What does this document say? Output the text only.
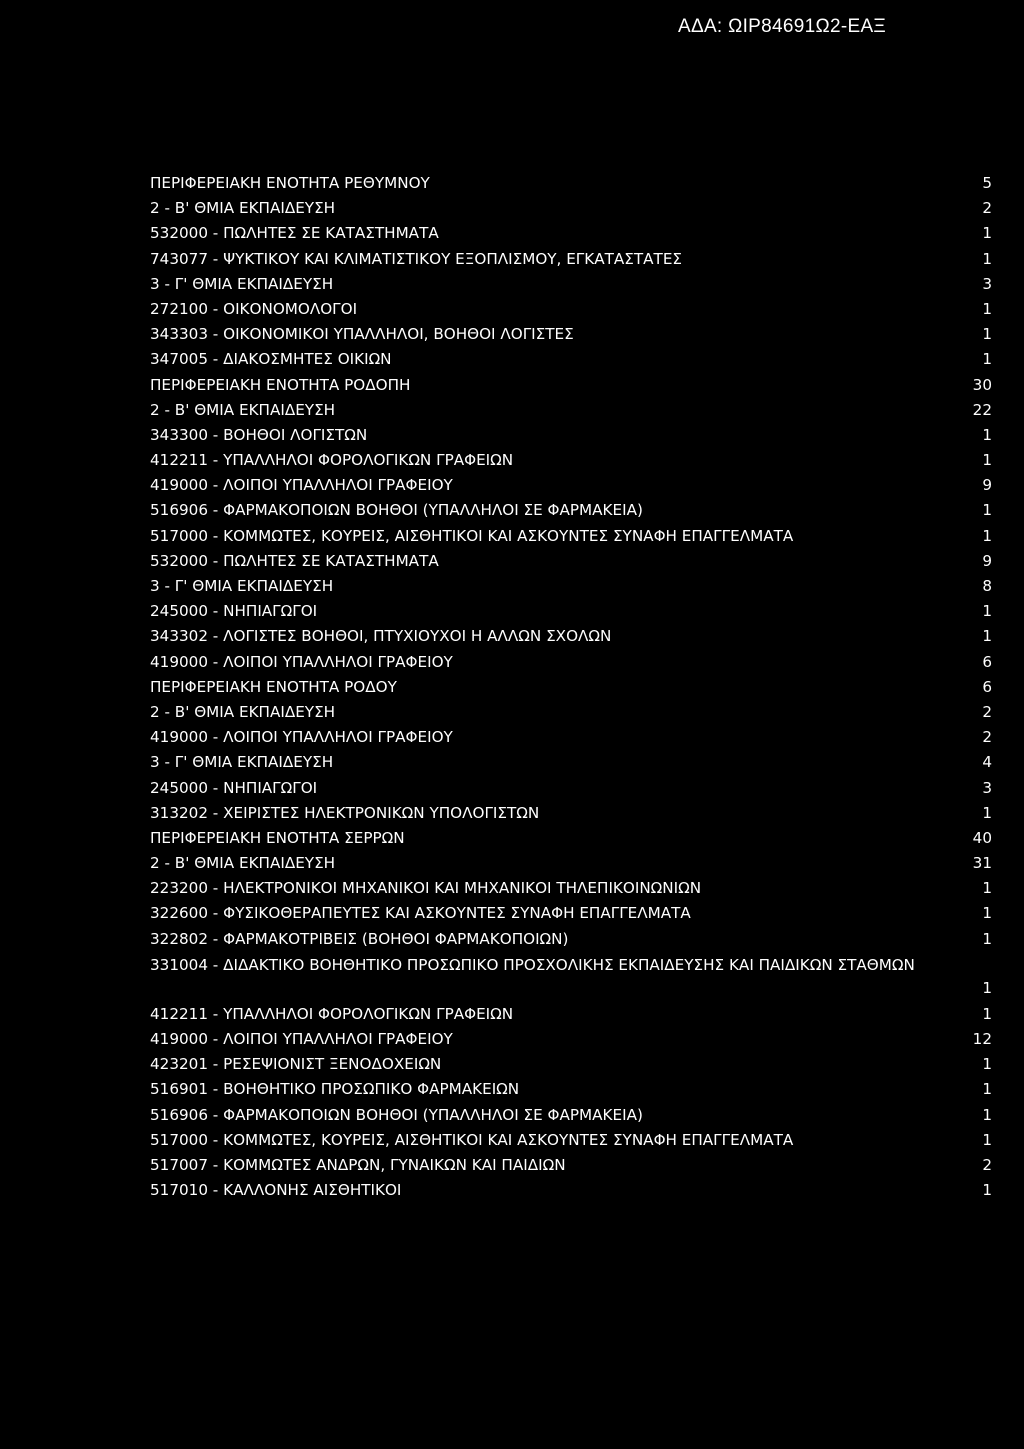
ΑΔΑ: ΩΙΡ84691Ω2-ΕΑΞ
ΠΕΡΙΦΕΡΕΙΑΚΗ ΕΝΟΤΗΤΑ ΡΕΘΥΜΝΟΥ	5
2 - Β' ΘΜΙΑ ΕΚΠΑΙΔΕΥΣΗ	2
532000 - ΠΩΛΗΤΕΣ ΣΕ ΚΑΤΑΣΤΗΜΑΤΑ	1
743077 - ΨΥΚΤΙΚΟΥ ΚΑΙ ΚΛΙΜΑΤΙΣΤΙΚΟΥ ΕΞΟΠΛΙΣΜΟΥ, ΕΓΚΑΤΑΣΤΑΤΕΣ	1
3 - Γ' ΘΜΙΑ ΕΚΠΑΙΔΕΥΣΗ	3
272100 - ΟΙΚΟΝΟΜΟΛΟΓΟΙ	1
343303 - ΟΙΚΟΝΟΜΙΚΟΙ ΥΠΑΛΛΗΛΟΙ, ΒΟΗΘΟΙ ΛΟΓΙΣΤΕΣ	1
347005 - ΔΙΑΚΟΣΜΗΤΕΣ ΟΙΚΙΩΝ	1
ΠΕΡΙΦΕΡΕΙΑΚΗ ΕΝΟΤΗΤΑ ΡΟΔΟΠΗ	30
2 - Β' ΘΜΙΑ ΕΚΠΑΙΔΕΥΣΗ	22
343300 - ΒΟΗΘΟΙ ΛΟΓΙΣΤΩΝ	1
412211 - ΥΠΑΛΛΗΛΟΙ ΦΟΡΟΛΟΓΙΚΩΝ ΓΡΑΦΕΙΩΝ	1
419000 - ΛΟΙΠΟΙ ΥΠΑΛΛΗΛΟΙ ΓΡΑΦΕΙΟΥ	9
516906 - ΦΑΡΜΑΚΟΠΟΙΩΝ ΒΟΗΘΟΙ (ΥΠΑΛΛΗΛΟΙ ΣΕ ΦΑΡΜΑΚΕΙΑ)	1
517000 - ΚΟΜΜΩΤΕΣ, ΚΟΥΡΕΙΣ, ΑΙΣΘΗΤΙΚΟΙ ΚΑΙ ΑΣΚΟΥΝΤΕΣ ΣΥΝΑΦΗ ΕΠΑΓΓΕΛΜΑΤΑ	1
532000 - ΠΩΛΗΤΕΣ ΣΕ ΚΑΤΑΣΤΗΜΑΤΑ	9
3 - Γ' ΘΜΙΑ ΕΚΠΑΙΔΕΥΣΗ	8
245000 - ΝΗΠΙΑΓΩΓΟΙ	1
343302 - ΛΟΓΙΣΤΕΣ ΒΟΗΘΟΙ, ΠΤΥΧΙΟΥΧΟΙ Η ΑΛΛΩΝ ΣΧΟΛΩΝ	1
419000 - ΛΟΙΠΟΙ ΥΠΑΛΛΗΛΟΙ ΓΡΑΦΕΙΟΥ	6
ΠΕΡΙΦΕΡΕΙΑΚΗ ΕΝΟΤΗΤΑ ΡΟΔΟΥ	6
2 - Β' ΘΜΙΑ ΕΚΠΑΙΔΕΥΣΗ	2
419000 - ΛΟΙΠΟΙ ΥΠΑΛΛΗΛΟΙ ΓΡΑΦΕΙΟΥ	2
3 - Γ' ΘΜΙΑ ΕΚΠΑΙΔΕΥΣΗ	4
245000 - ΝΗΠΙΑΓΩΓΟΙ	3
313202 - ΧΕΙΡΙΣΤΕΣ ΗΛΕΚΤΡΟΝΙΚΩΝ ΥΠΟΛΟΓΙΣΤΩΝ	1
ΠΕΡΙΦΕΡΕΙΑΚΗ ΕΝΟΤΗΤΑ ΣΕΡΡΩΝ	40
2 - Β' ΘΜΙΑ ΕΚΠΑΙΔΕΥΣΗ	31
223200 - ΗΛΕΚΤΡΟΝΙΚΟΙ ΜΗΧΑΝΙΚΟΙ ΚΑΙ ΜΗΧΑΝΙΚΟΙ ΤΗΛΕΠΙΚΟΙΝΩΝΙΩΝ	1
322600 - ΦΥΣΙΚΟΘΕΡΑΠΕΥΤΕΣ ΚΑΙ ΑΣΚΟΥΝΤΕΣ ΣΥΝΑΦΗ ΕΠΑΓΓΕΛΜΑΤΑ	1
322802 - ΦΑΡΜΑΚΟΤΡΙΒΕΙΣ (ΒΟΗΘΟΙ ΦΑΡΜΑΚΟΠΟΙΩΝ)	1
331004 - ΔΙΔΑΚΤΙΚΟ ΒΟΗΘΗΤΙΚΟ ΠΡΟΣΩΠΙΚΟ ΠΡΟΣΧΟΛΙΚΗΣ ΕΚΠΑΙΔΕΥΣΗΣ ΚΑΙ ΠΑΙΔΙΚΩΝ ΣΤΑΘΜΩΝ
1
412211 - ΥΠΑΛΛΗΛΟΙ ΦΟΡΟΛΟΓΙΚΩΝ ΓΡΑΦΕΙΩΝ	1
419000 - ΛΟΙΠΟΙ ΥΠΑΛΛΗΛΟΙ ΓΡΑΦΕΙΟΥ	12
423201 - ΡΕΣΕΨΙΟΝΙΣΤ ΞΕΝΟΔΟΧΕΙΩΝ	1
516901 - ΒΟΗΘΗΤΙΚΟ ΠΡΟΣΩΠΙΚΟ ΦΑΡΜΑΚΕΙΩΝ	1
516906 - ΦΑΡΜΑΚΟΠΟΙΩΝ ΒΟΗΘΟΙ (ΥΠΑΛΛΗΛΟΙ ΣΕ ΦΑΡΜΑΚΕΙΑ)	1
517000 - ΚΟΜΜΩΤΕΣ, ΚΟΥΡΕΙΣ, ΑΙΣΘΗΤΙΚΟΙ ΚΑΙ ΑΣΚΟΥΝΤΕΣ ΣΥΝΑΦΗ ΕΠΑΓΓΕΛΜΑΤΑ	1
517007 - ΚΟΜΜΩΤΕΣ ΑΝΔΡΩΝ, ΓΥΝΑΙΚΩΝ ΚΑΙ ΠΑΙΔΙΩΝ	2
517010 - ΚΑΛΛΟΝΗΣ ΑΙΣΘΗΤΙΚΟΙ	1
